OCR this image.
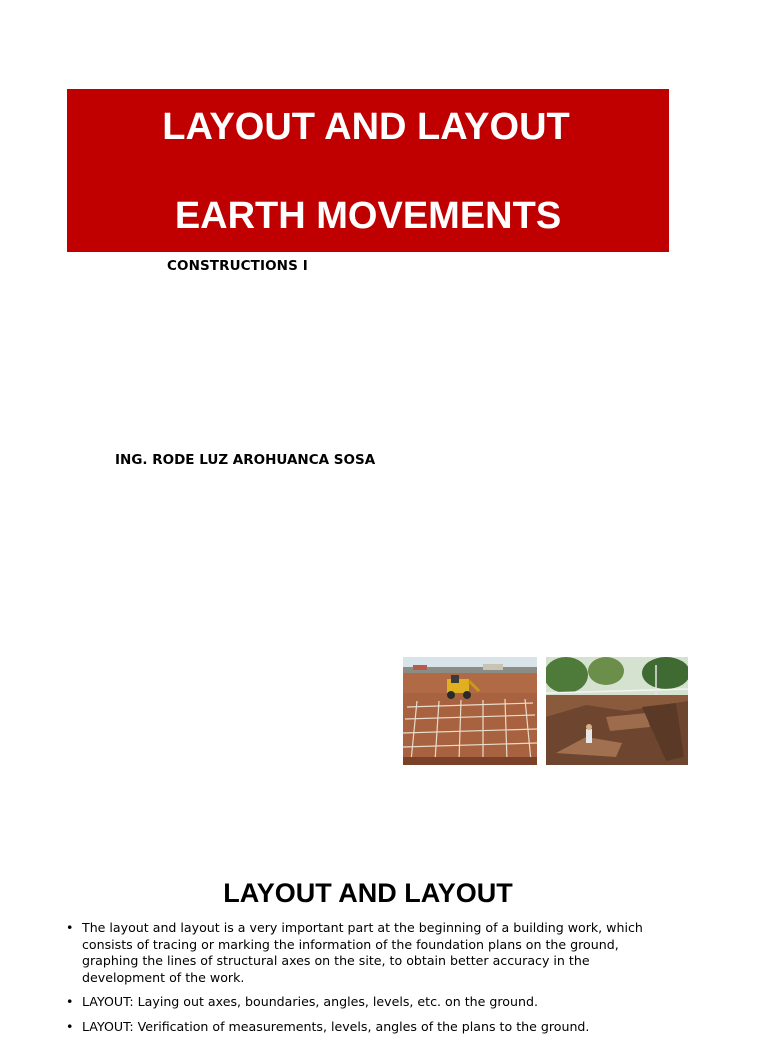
LAYOUT AND LAYOUT

EARTH MOVEMENTS

CONSTRUCTIONS I

ING. RODE LUZ AROHUANCA SOSA

LAYOUT AND LAYOUT

• The layout and layout is a very important part at the beginning of a building work, which consists of tracing or marking the information of the foundation plans on the ground, graphing the lines of structural axes on the site, to obtain better accuracy in the development of the work.
• LAYOUT: Laying out axes, boundaries, angles, levels, etc. on the ground.
• LAYOUT: Verification of measurements, levels, angles of the plans to the ground.
